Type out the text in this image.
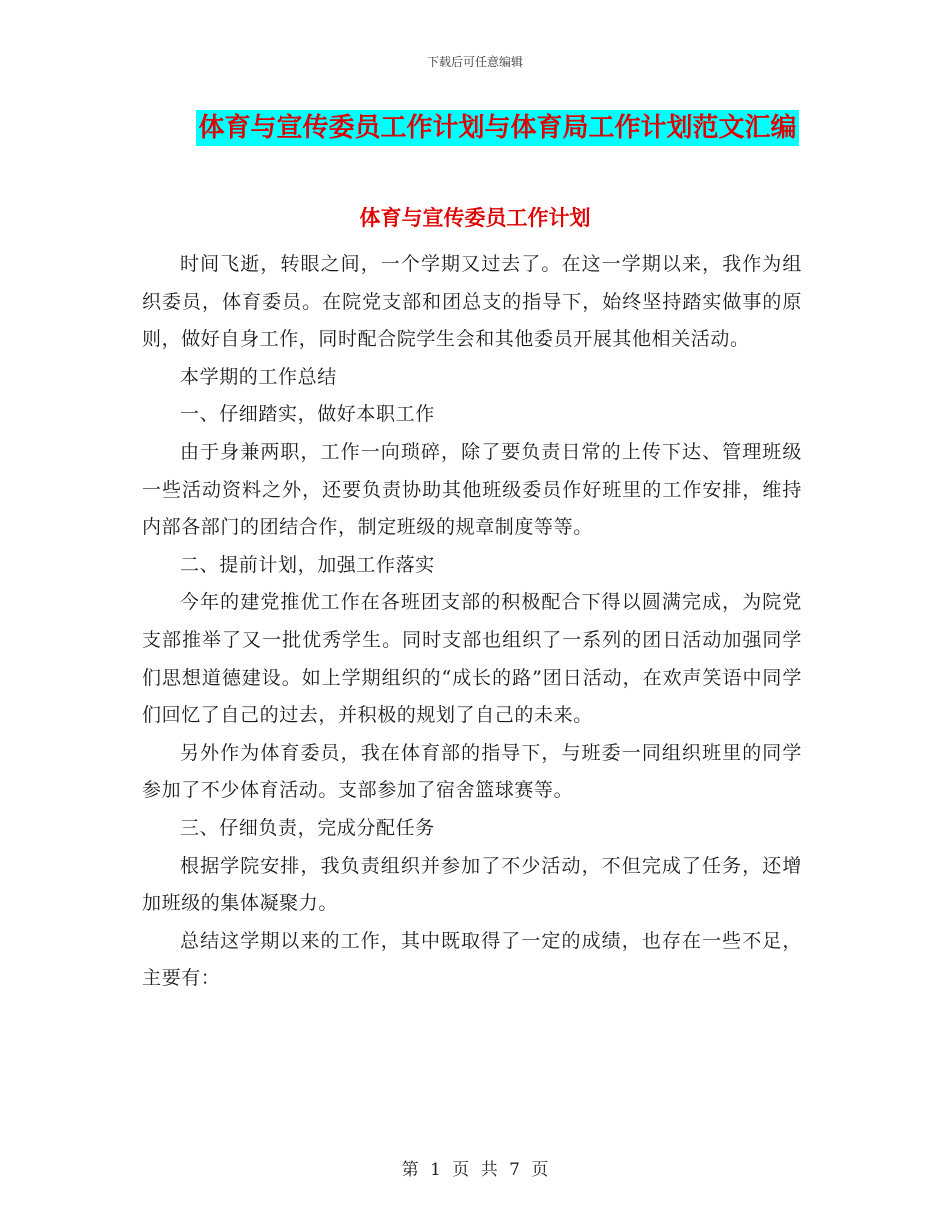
下载后可任意编辑
体育与宣传委员工作计划与体育局工作计划范文汇编
体育与宣传委员工作计划

时间飞逝，转眼之间，一个学期又过去了。在这一学期以来，我作为组织委员，体育委员。在院党支部和团总支的指导下，始终坚持踏实做事的原则，做好自身工作，同时配合院学生会和其他委员开展其他相关活动。

本学期的工作总结

一、仔细踏实，做好本职工作

由于身兼两职，工作一向琐碎，除了要负责日常的上传下达、管理班级一些活动资料之外，还要负责协助其他班级委员作好班里的工作安排，维持内部各部门的团结合作，制定班级的规章制度等等。

二、提前计划，加强工作落实

今年的建党推优工作在各班团支部的积极配合下得以圆满完成，为院党支部推举了又一批优秀学生。同时支部也组织了一系列的团日活动加强同学们思想道德建设。如上学期组织的“成长的路”团日活动，在欢声笑语中同学们回忆了自己的过去，并积极的规划了自己的未来。

另外作为体育委员，我在体育部的指导下，与班委一同组织班里的同学参加了不少体育活动。支部参加了宿舍篮球赛等。

三、仔细负责，完成分配任务

根据学院安排，我负责组织并参加了不少活动，不但完成了任务，还增加班级的集体凝聚力。

总结这学期以来的工作，其中既取得了一定的成绩，也存在一些不足，主要有：

第 1 页 共 7 页
